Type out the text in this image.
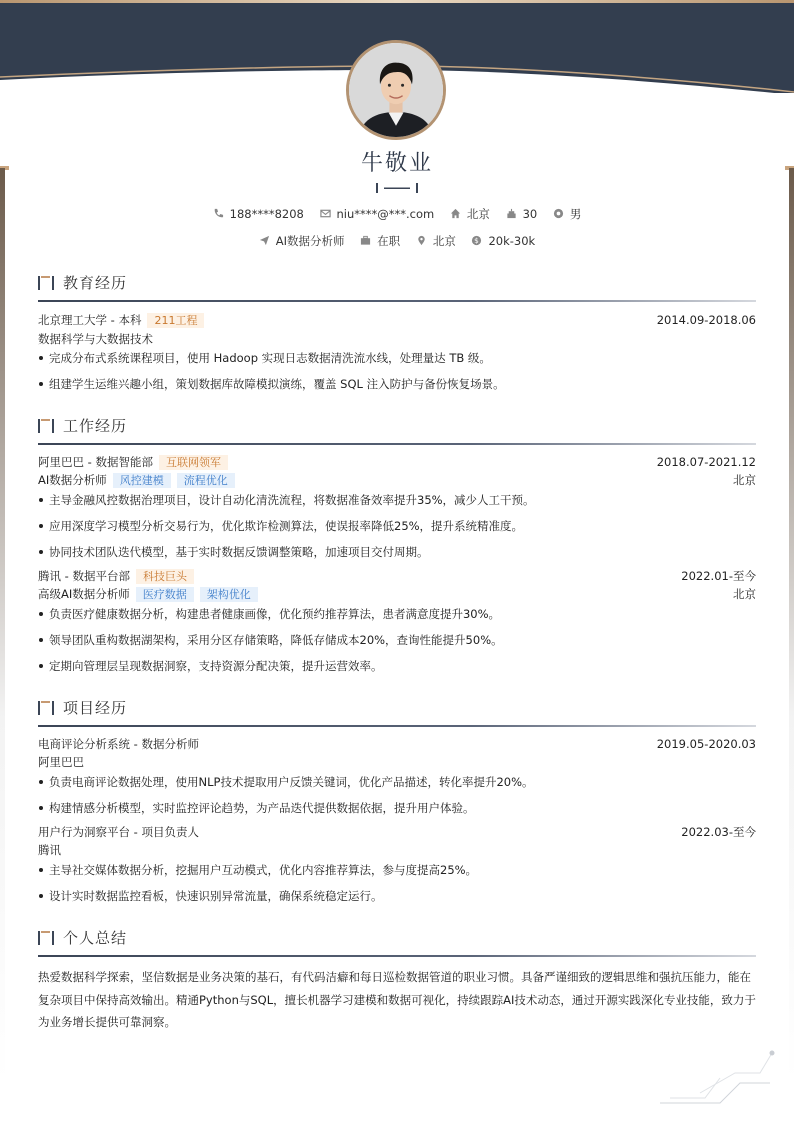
牛敬业
188****8208	niu****@***.com	北京	30	男
AI数据分析师	在职	北京 $ 20k-30k
教育经历
北京理工大学 - 本科 211工程	2014.09-2018.06
数据科学与大数据技术
完成分布式系统课程项目，使用 Hadoop 实现日志数据清洗流水线，处理量达 TB 级。
组建学生运维兴趣小组，策划数据库故障模拟演练，覆盖 SQL 注入防护与备份恢复场景。
工作经历
阿里巴巴 - 数据智能部 互联网领军	2018.07-2021.12
AI数据分析师 风控建模 流程优化	北京
主导金融风控数据治理项目，设计自动化清洗流程，将数据准备效率提升35%，减少人工干预。
应用深度学习模型分析交易行为，优化欺诈检测算法，使误报率降低25%，提升系统精准度。
协同技术团队迭代模型，基于实时数据反馈调整策略，加速项目交付周期。
腾讯 - 数据平台部 科技巨头	2022.01-至今
高级AI数据分析师 医疗数据 架构优化	北京
负责医疗健康数据分析，构建患者健康画像，优化预约推荐算法，患者满意度提升30%。
领导团队重构数据湖架构，采用分区存储策略，降低存储成本20%，查询性能提升50%。
定期向管理层呈现数据洞察，支持资源分配决策，提升运营效率。
项目经历
电商评论分析系统 - 数据分析师	2019.05-2020.03
阿里巴巴
负责电商评论数据处理，使用NLP技术提取用户反馈关键词，优化产品描述，转化率提升20%。
构建情感分析模型，实时监控评论趋势，为产品迭代提供数据依据，提升用户体验。
用户行为洞察平台 - 项目负责人	2022.03-至今
腾讯
主导社交媒体数据分析，挖掘用户互动模式，优化内容推荐算法，参与度提高25%。
设计实时数据监控看板，快速识别异常流量，确保系统稳定运行。
个人总结
热爱数据科学探索，坚信数据是业务决策的基石，有代码洁癖和每日巡检数据管道的职业习惯。具备严谨细致的逻辑思维和强抗压能力，能在复杂项目中保持高效输出。精通Python与SQL，擅长机器学习建模和数据可视化，持续跟踪AI技术动态，通过开源实践深化专业技能，致力于为业务增长提供可靠洞察。
